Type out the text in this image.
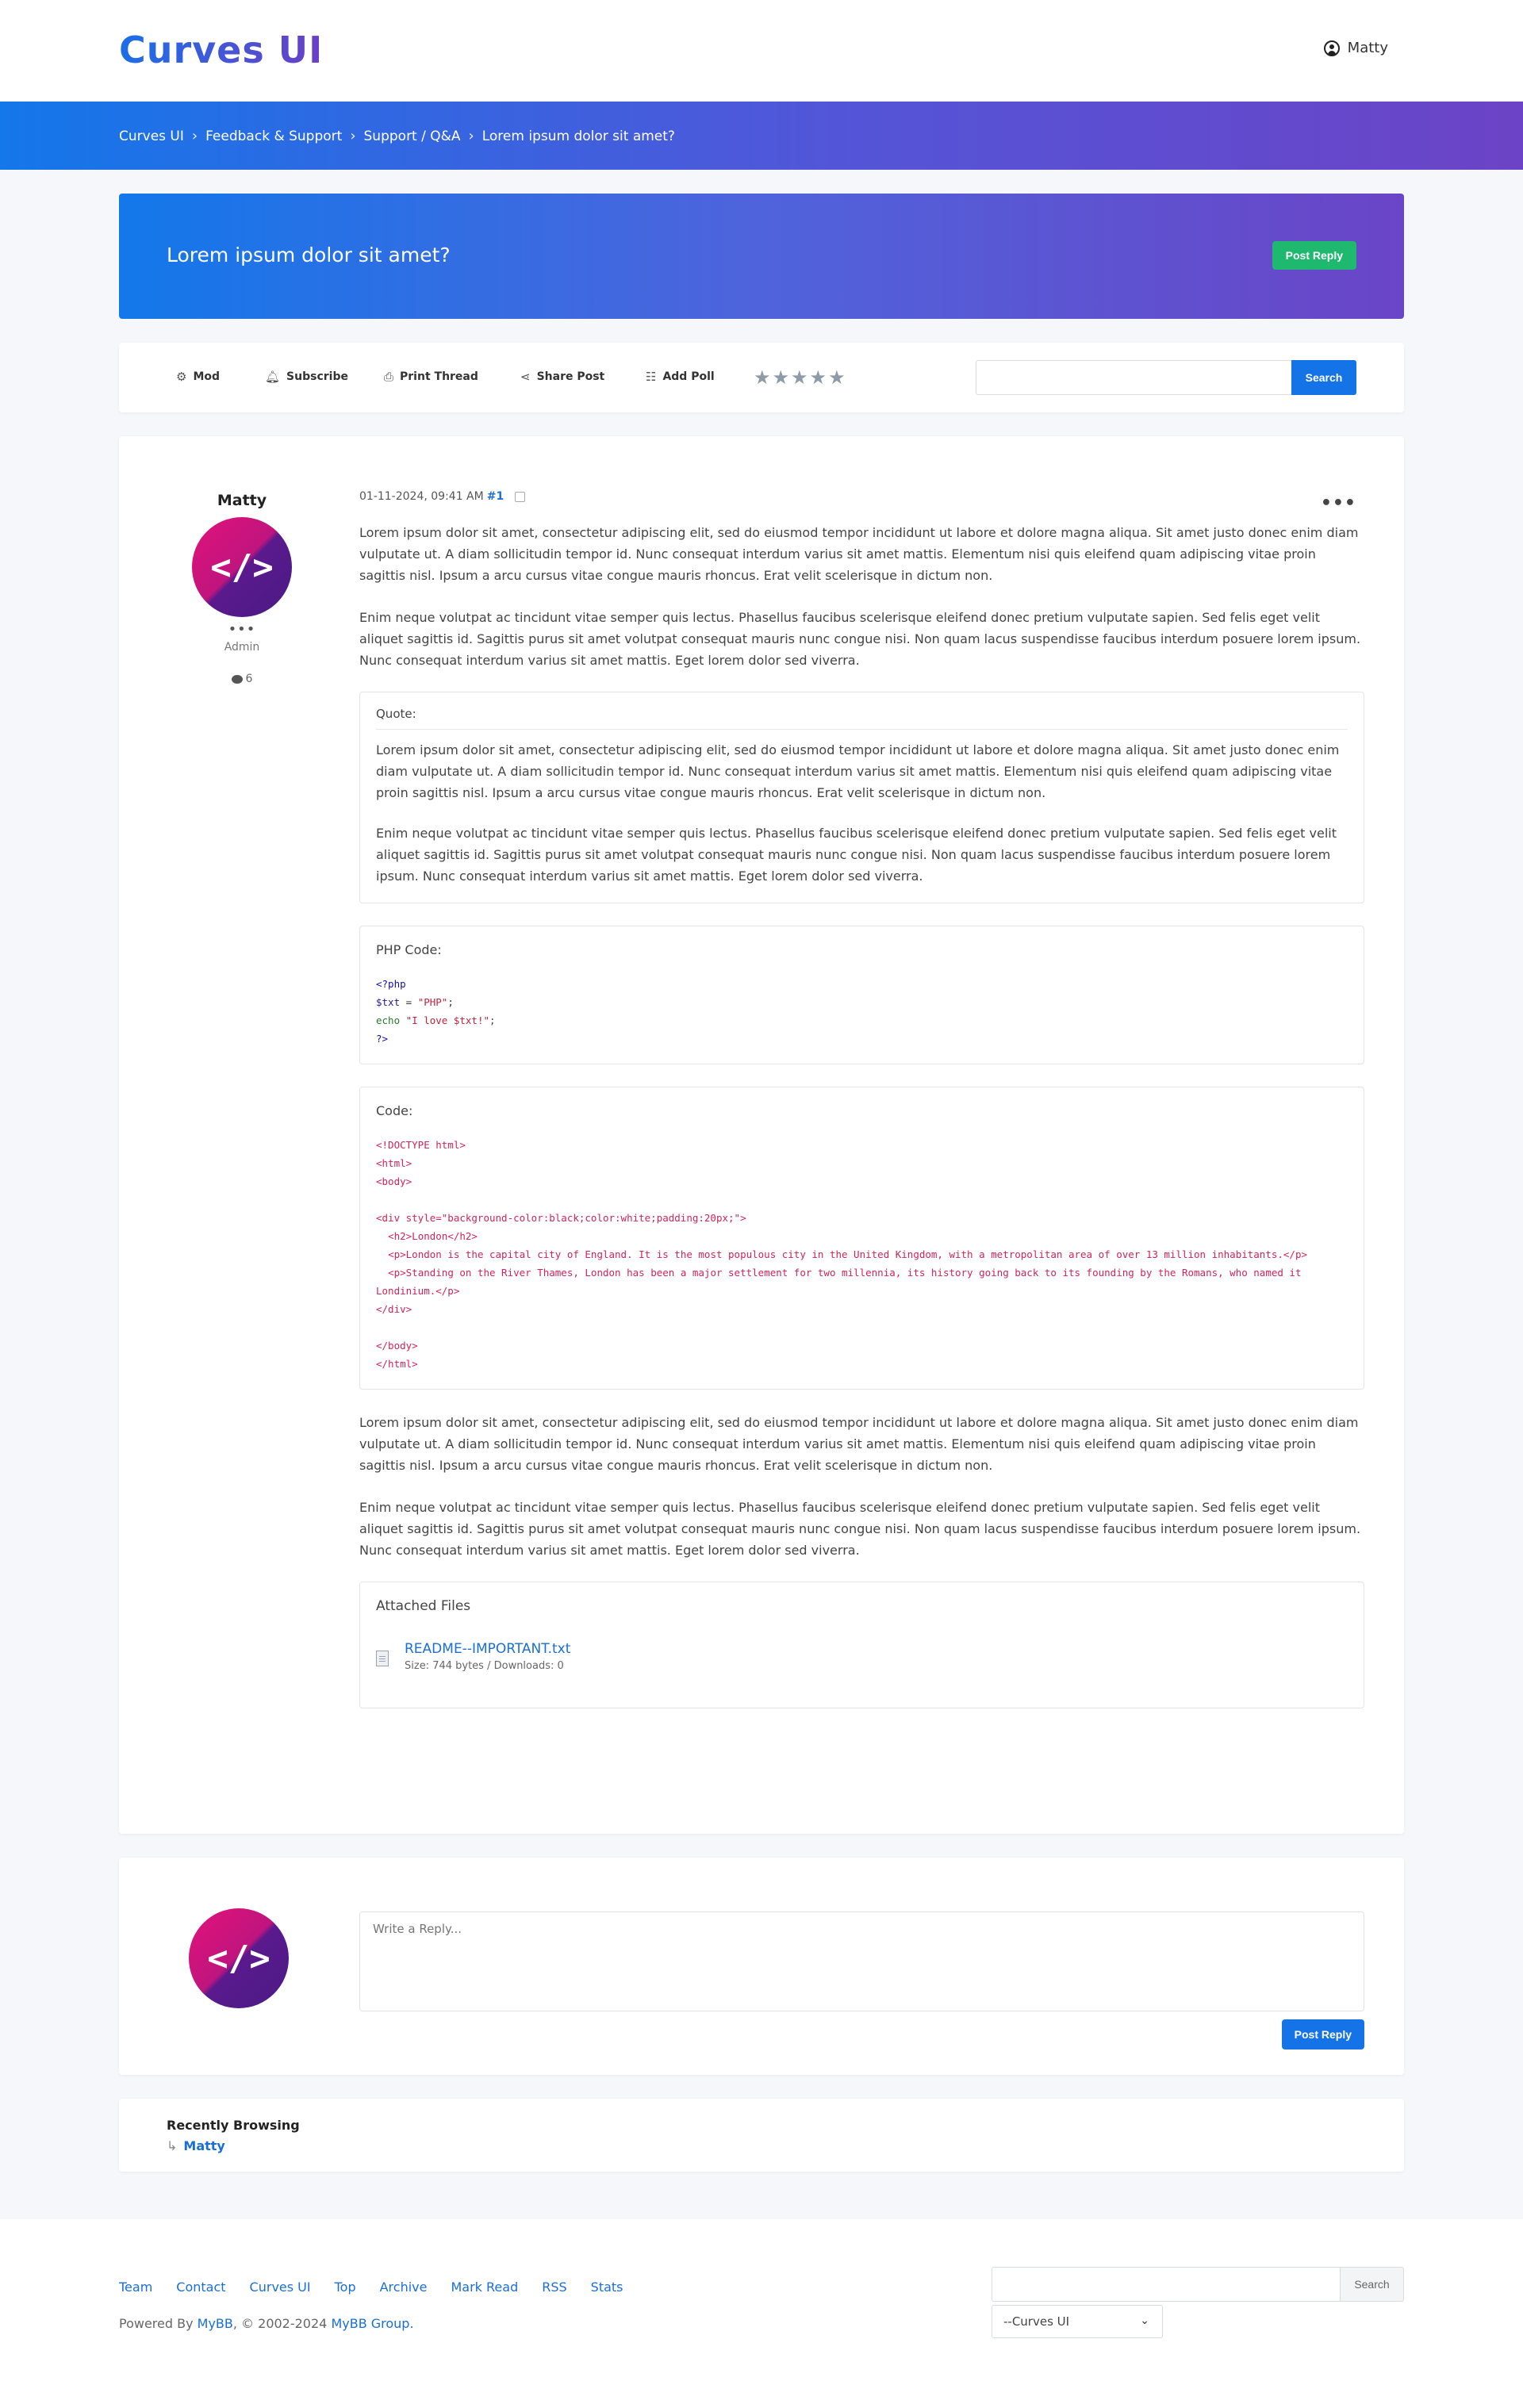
Curves UI	Matty
Curves UI › Feedback & Support › Support / Q&A › Lorem ipsum dolor sit amet?
Lorem ipsum dolor sit amet?	Post Reply
⚙ Mod	🔔︎ Subscribe	⎙ Print Thread	⋖ Share Post	☷ Add Poll ★★★★★	Search
Matty
</>
•••
Admin
6
01-11-2024, 09:41 AM #1	•••

Lorem ipsum dolor sit amet, consectetur adipiscing elit, sed do eiusmod tempor incididunt ut labore et dolore magna aliqua. Sit amet justo donec enim diam vulputate ut. A diam sollicitudin tempor id. Nunc consequat interdum varius sit amet mattis. Elementum nisi quis eleifend quam adipiscing vitae proin sagittis nisl. Ipsum a arcu cursus vitae congue mauris rhoncus. Erat velit scelerisque in dictum non.

Enim neque volutpat ac tincidunt vitae semper quis lectus. Phasellus faucibus scelerisque eleifend donec pretium vulputate sapien. Sed felis eget velit aliquet sagittis id. Sagittis purus sit amet volutpat consequat mauris nunc congue nisi. Non quam lacus suspendisse faucibus interdum posuere lorem ipsum. Nunc consequat interdum varius sit amet mattis. Eget lorem dolor sed viverra.

Quote:

Lorem ipsum dolor sit amet, consectetur adipiscing elit, sed do eiusmod tempor incididunt ut labore et dolore magna aliqua. Sit amet justo donec enim diam vulputate ut. A diam sollicitudin tempor id. Nunc consequat interdum varius sit amet mattis. Elementum nisi quis eleifend quam adipiscing vitae proin sagittis nisl. Ipsum a arcu cursus vitae congue mauris rhoncus. Erat velit scelerisque in dictum non.

Enim neque volutpat ac tincidunt vitae semper quis lectus. Phasellus faucibus scelerisque eleifend donec pretium vulputate sapien. Sed felis eget velit aliquet sagittis id. Sagittis purus sit amet volutpat consequat mauris nunc congue nisi. Non quam lacus suspendisse faucibus interdum posuere lorem ipsum. Nunc consequat interdum varius sit amet mattis. Eget lorem dolor sed viverra.

PHP Code:
<?php
$txt = "PHP";
echo "I love $txt!";
?>
Code:
<!DOCTYPE html>
<html>
<body>

<div style="background-color:black;color:white;padding:20px;">
<h2>London</h2>
<p>London is the capital city of England. It is the most populous city in the United Kingdom, with a metropolitan area of over 13 million inhabitants.</p>
<p>Standing on the River Thames, London has been a major settlement for two millennia, its history going back to its founding by the Romans, who named it Londinium.</p>
</div>

</body>
</html>

Lorem ipsum dolor sit amet, consectetur adipiscing elit, sed do eiusmod tempor incididunt ut labore et dolore magna aliqua. Sit amet justo donec enim diam vulputate ut. A diam sollicitudin tempor id. Nunc consequat interdum varius sit amet mattis. Elementum nisi quis eleifend quam adipiscing vitae proin sagittis nisl. Ipsum a arcu cursus vitae congue mauris rhoncus. Erat velit scelerisque in dictum non.

Enim neque volutpat ac tincidunt vitae semper quis lectus. Phasellus faucibus scelerisque eleifend donec pretium vulputate sapien. Sed felis eget velit aliquet sagittis id. Sagittis purus sit amet volutpat consequat mauris nunc congue nisi. Non quam lacus suspendisse faucibus interdum posuere lorem ipsum. Nunc consequat interdum varius sit amet mattis. Eget lorem dolor sed viverra.

Attached Files
README--IMPORTANT.txt
Size: 744 bytes / Downloads: 0
</>
Write a Reply...
Post Reply
Recently Browsing
↳ Matty
Team Contact Curves UI Top Archive Mark Read RSS Stats
Powered By MyBB, © 2002-2024 MyBB Group.
Search
--Curves UI	⌄
